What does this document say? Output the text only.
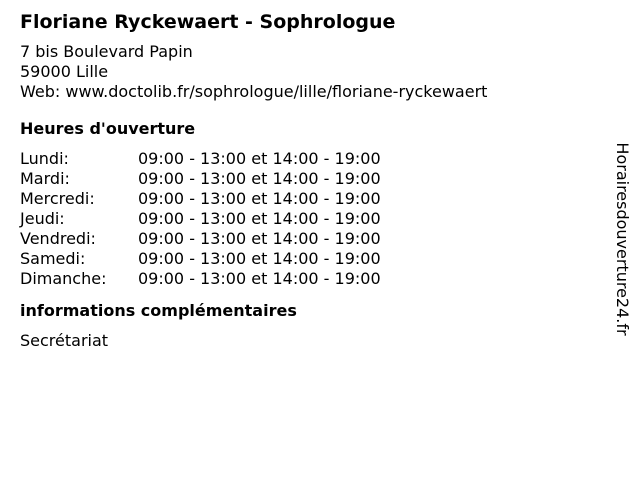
Floriane Ryckewaert - Sophrologue
7 bis Boulevard Papin
59000 Lille
Web: www.doctolib.fr/sophrologue/lille/floriane-ryckewaert
Heures d'ouverture
Lundi:	09:00 - 13:00 et 14:00 - 19:00
Mardi:	09:00 - 13:00 et 14:00 - 19:00
Mercredi:	09:00 - 13:00 et 14:00 - 19:00
Jeudi:	09:00 - 13:00 et 14:00 - 19:00
Vendredi:	09:00 - 13:00 et 14:00 - 19:00
Samedi:	09:00 - 13:00 et 14:00 - 19:00
Dimanche:	09:00 - 13:00 et 14:00 - 19:00
informations complémentaires
Secrétariat
Horairesdouverture24.fr
